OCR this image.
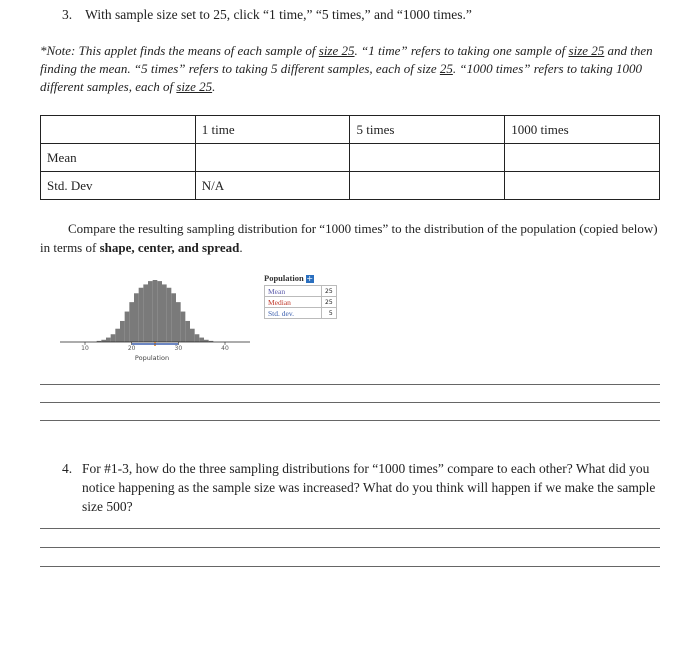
3. With sample size set to 25, click “1 time,” “5 times,” and “1000 times.”
*Note: This applet finds the means of each sample of size 25. “1 time” refers to taking one sample of size 25 and then finding the mean. “5 times” refers to taking 5 different samples, each of size 25. “1000 times” refers to taking 1000 different samples, each of size 25.
	1 time	5 times	1000 times
Mean			
Std. Dev	N/A		
Compare the resulting sampling distribution for “1000 times” to the distribution of the population (copied below) in terms of shape, center, and spread.
10	20	30	40
Population
Population +
Mean	25
Median	25
Std. dev.	5
4. For #1-3, how do the three sampling distributions for “1000 times” compare to each other? What did you notice happening as the sample size was increased? What do you think will happen if we make the sample size 500?
